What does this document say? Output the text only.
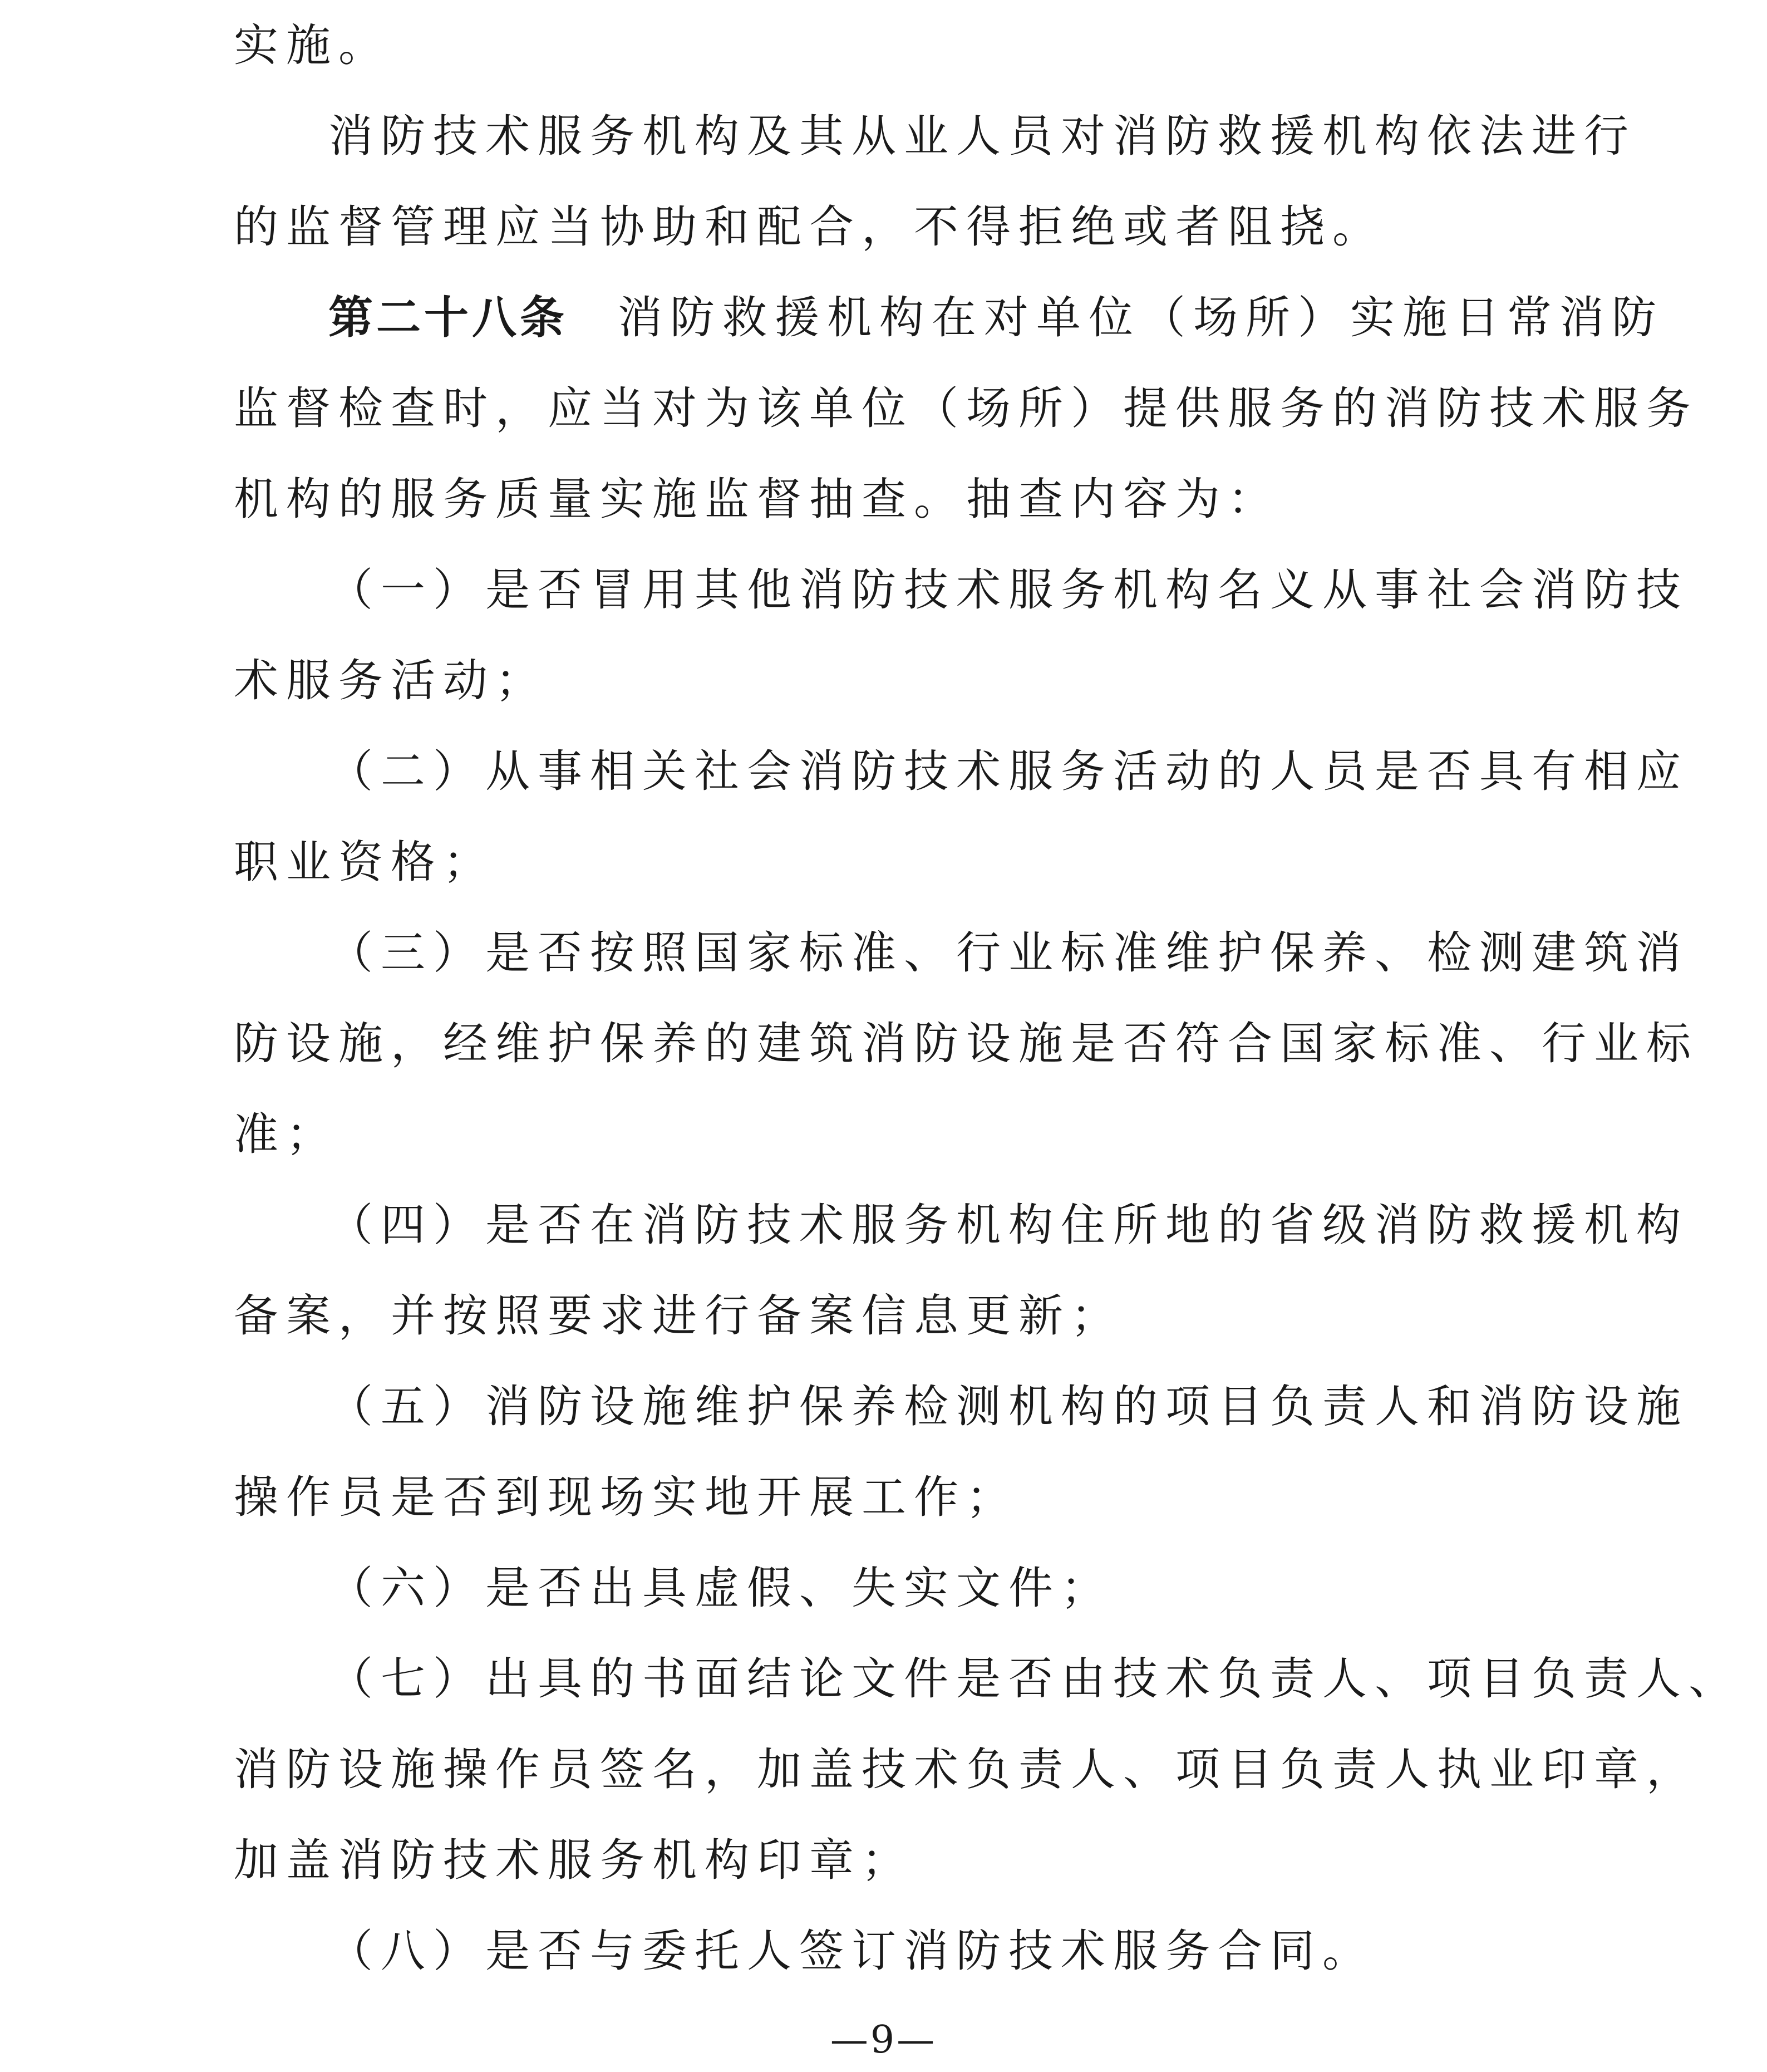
实施。
消防技术服务机构及其从业人员对消防救援机构依法进行
的监督管理应当协助和配合，不得拒绝或者阻挠。
第二十八条 消防救援机构在对单位（场所）实施日常消防
监督检查时，应当对为该单位（场所）提供服务的消防技术服务
机构的服务质量实施监督抽查。抽查内容为：
（一）是否冒用其他消防技术服务机构名义从事社会消防技
术服务活动；
（二）从事相关社会消防技术服务活动的人员是否具有相应
职业资格；
（三）是否按照国家标准、行业标准维护保养、检测建筑消
防设施，经维护保养的建筑消防设施是否符合国家标准、行业标
准；
（四）是否在消防技术服务机构住所地的省级消防救援机构
备案，并按照要求进行备案信息更新；
（五）消防设施维护保养检测机构的项目负责人和消防设施
操作员是否到现场实地开展工作；
（六）是否出具虚假、失实文件；
（七）出具的书面结论文件是否由技术负责人、项目负责人、
消防设施操作员签名，加盖技术负责人、项目负责人执业印章，
加盖消防技术服务机构印章；
（八）是否与委托人签订消防技术服务合同。
—9—
